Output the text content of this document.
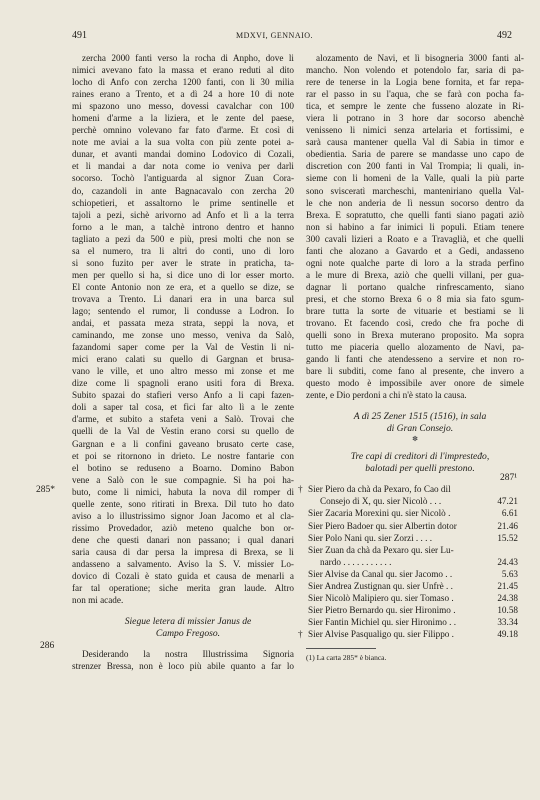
491	MDXVI, GENNAIO.	492
zercha 2000 fanti verso la rocha di Anpho, dove li
nimici avevano fato la massa et erano reduti al dito
locho di Anfo con zercha 1200 fanti, con li 30 milia
raines erano a Trento, et a dì 24 a hore 10 di note
mi spazono uno messo, dovessi cavalchar con 100
homeni d'arme a la liziera, et le zente del paese,
perchè omnino volevano far fato d'arme. Et così di
note me aviai a la sua volta con più zente potei a-
dunar, et avanti mandai domino Lodovico di Cozali,
et li mandai a dar nota come io veniva per darli
socorso. Tochò l'antiguarda al signor Zuan Cora-
do, cazandoli in ante Bagnacavalo con zercha 20
schiopetieri, et assaltorno le prime sentinelle et
tajoli a pezi, sichè arivorno ad Anfo et lì a la terra
forno a le man, a talchè introno dentro et hanno
tagliato a pezi da 500 e più, presi molti che non se
sa el numero, tra li altri do conti, uno di loro
si sono fuzito per aver le strate in praticha, ta-
men per quello si ha, si dice uno di lor esser morto.
El conte Antonio non ze era, et a quello se dize, se
trovava a Trento. Li danari era in una barca sul
lago; sentendo el rumor, li condusse a Lodron. Io
andai, et passata meza strata, seppi la nova, et
caminando, me zonse uno messo, veniva da Salò,
fazandomi saper come per la Val de Vestin li ni-
mici erano calati su quello di Gargnan et brusa-
vano le ville, et uno altro messo mi zonse et me
dize come li spagnoli erano usiti fora di Brexa.
Subito spazai do stafieri verso Anfo a li capi fazen-
doli a saper tal cosa, et fici far alto lì a le zente
d'arme, et subito a stafeta veni a Salò. Trovai che
quelli de la Val de Vestin erano corsi su quello de
Gargnan e a li confini gaveano brusato certe case,
et poi se ritornono in drieto. Le nostre fantarie con
el botino se reduseno a Boarno. Domino Babon
vene a Salò con le sue compagnie. Sì ha poi ha-
buto, come li nimici, habuta la nova dil romper di
quelle zente, sono ritirati in Brexa. Dil tuto ho dato
aviso a lo illustrissimo signor Joan Jacomo et al cla-
rissimo Provedador, aziò meteno qualche bon or-
dene che questi danari non passano; i qual danari
saria causa di dar persa la impresa di Brexa, se li
andasseno a salvamento. Aviso la S. V. missier Lo-
dovico di Cozali è stato guida et causa de menarli a
far tal operatione; siche merita gran laude. Altro
non mi acade.

Siegue letera di missier Janus de

Campo Fregoso.

Desiderando la nostra Illustrissima Signoria
strenzer Bressa, non è loco più abile quanto a far lo
285*
286
alozamento de Navi, et lì bisogneria 3000 fanti al-
mancho. Non volendo et potendolo far, saria di pa-
rere de tenerse in la Logia bene fornita, et far repa-
rar el passo in su l'aqua, che se farà con pocha fa-
tica, et sempre le zente che fusseno alozate in Ri-
viera li potrano in 3 hore dar socorso abenchè
venisseno li nimici senza artelaria et fortissimi, e
sarà causa mantener quella Val di Sabia in timor e
obedientia. Saria de parere se mandasse uno capo de
discretion con 200 fanti in Val Trompia; li quali, in-
sieme con li homeni de la Valle, quali la più parte
sono svisceratì marcheschi, manteniriano quella Val-
le che non anderia de lì nessun socorso dentro da
Brexa. E sopratutto, che quelli fanti siano pagati aziò
non si habino a far inimici li populi. Etiam tenere
300 cavali lizieri a Roato e a Travaglià, et che quelli
fanti che alozano a Gavardo et a Gedi, andasseno
ogni note qualche parte di loro a la strada perfino
a le mure di Brexa, aziò che quelli villani, per gua-
dagnar li portano qualche rinfrescamento, siano
presi, et che storno Brexa 6 o 8 mia sia fato sgum-
brare tutta la sorte de vituarie et bestiami se li
trovano. Et facendo così, credo che fra poche di
quelli sono in Brexa muterano proposito. Ma sopra
tutto me piaceria quello alozamento de Navi, pa-
gando li fanti che atendesseno a servire et non ro-
bare li subditi, come fano al presente, che invero a
questo modo è impossibile aver onore de simele
zente, e Dio perdoni a chi n'è stato la causa.

A dì 25 Zener 1515 (1516), in sala

di Gran Consejo.

✽

Tre capi di creditori di l'impresteđo,

balotadi per quelli prestono.

† Sier Piero da chà da Pexaro, fo Cao dil
Consejo di X, qu. sier Nicolò . . .	47.21
Sier Zacaria Morexini qu. sier Nicolò .	6.61
Sier Piero Badoer qu. sier Albertin dotor	21.46
Sier Polo Nani qu. sier Zorzi . . . .	15.52
Sier Zuan da chà da Pexaro qu. sier Lu-
nardo . . . . . . . . . . .	24.43
Sier Alvise da Canal qu. sier Jacomo . .	5.63
Sier Andrea Zustignan qu. sier Unfrè . .	21.45
Sier Nicolò Malipiero qu. sier Tomaso .	24.38
Sier Pietro Bernardo qu. sier Hironimo .	10.58
Sier Fantin Michiel qu. sier Hironimo . .	33.34
† Sier Alvise Pasqualigo qu. sier Filippo .	49.18
(1) La carta 285* è bianca.
287¹
